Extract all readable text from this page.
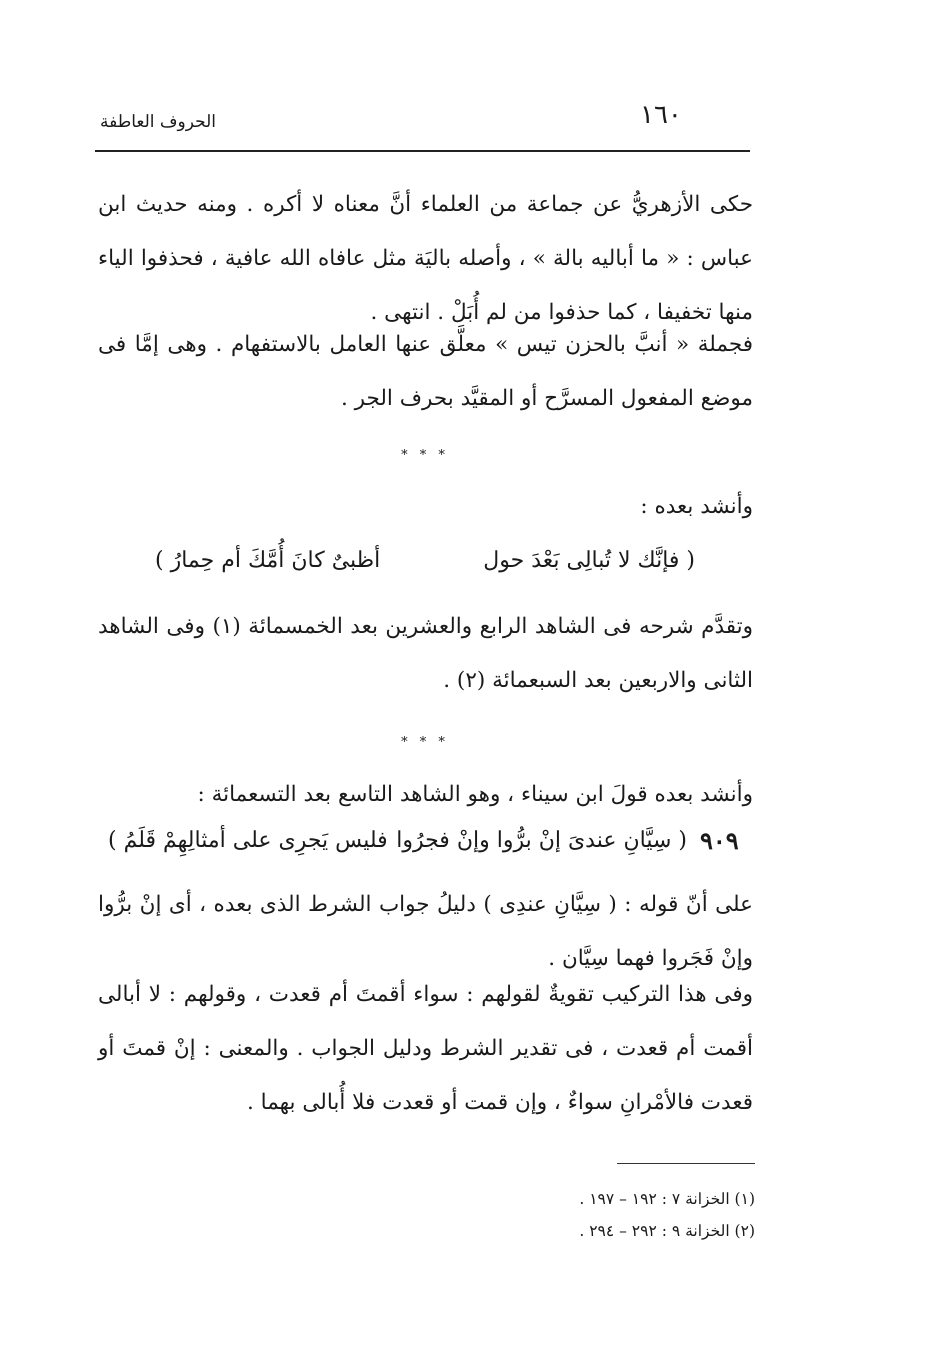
١٦٠
الحروف العاطفة
حكى الأزهريُّ عن جماعة من العلماء أنَّ معناه لا أكره . ومنه حديث ابن عباس : « ما أباليه بالة » ، وأصله باليَة مثل عافاه الله عافية ، فحذفوا الياء منها تخفيفا ، كما حذفوا من لم أُبَلْ . انتهى .
فجملة « أنبَّ بالحزن تيس » معلَّق عنها العامل بالاستفهام . وهى إمَّا فى موضع المفعول المسرَّح أو المقيَّد بحرف الجر .
* * *
وأنشد بعده :
( فإنَّك لا تُبالِى بَعْدَ حول
أظبىٌ كانَ أُمَّكَ أم حِمارُ )
وتقدَّم شرحه فى الشاهد الرابع والعشرين بعد الخمسمائة (١) وفى الشاهد الثانى والاربعين بعد السبعمائة (٢) .
* * *
وأنشد بعده قولَ ابن سيناء ، وهو الشاهد التاسع بعد التسعمائة :
٩٠٩
( سِيَّانِ عندىَ إنْ برُّوا وإنْ فجرُوا
فليس يَجرِى على أمثالِهِمْ قَلَمُ )
على أنّ قوله : ( سِيَّانِ عندِى ) دليلُ جواب الشرط الذى بعده ، أى إنْ برُّوا وإنْ فَجَروا فهما سِيَّان .
وفى هذا التركيب تقويةٌ لقولهم : سواء أقمتَ أم قعدت ، وقولهم : لا أبالى أقمت أم قعدت ، فى تقدير الشرط ودليل الجواب . والمعنى : إنْ قمتَ أو قعدت فالأمْرانِ سواءٌ ، وإن قمت أو قعدت فلا أُبالى بهما .
(١) الخزانة ٧ : ١٩٢ – ١٩٧ .
(٢) الخزانة ٩ : ٢٩٢ – ٢٩٤ .
